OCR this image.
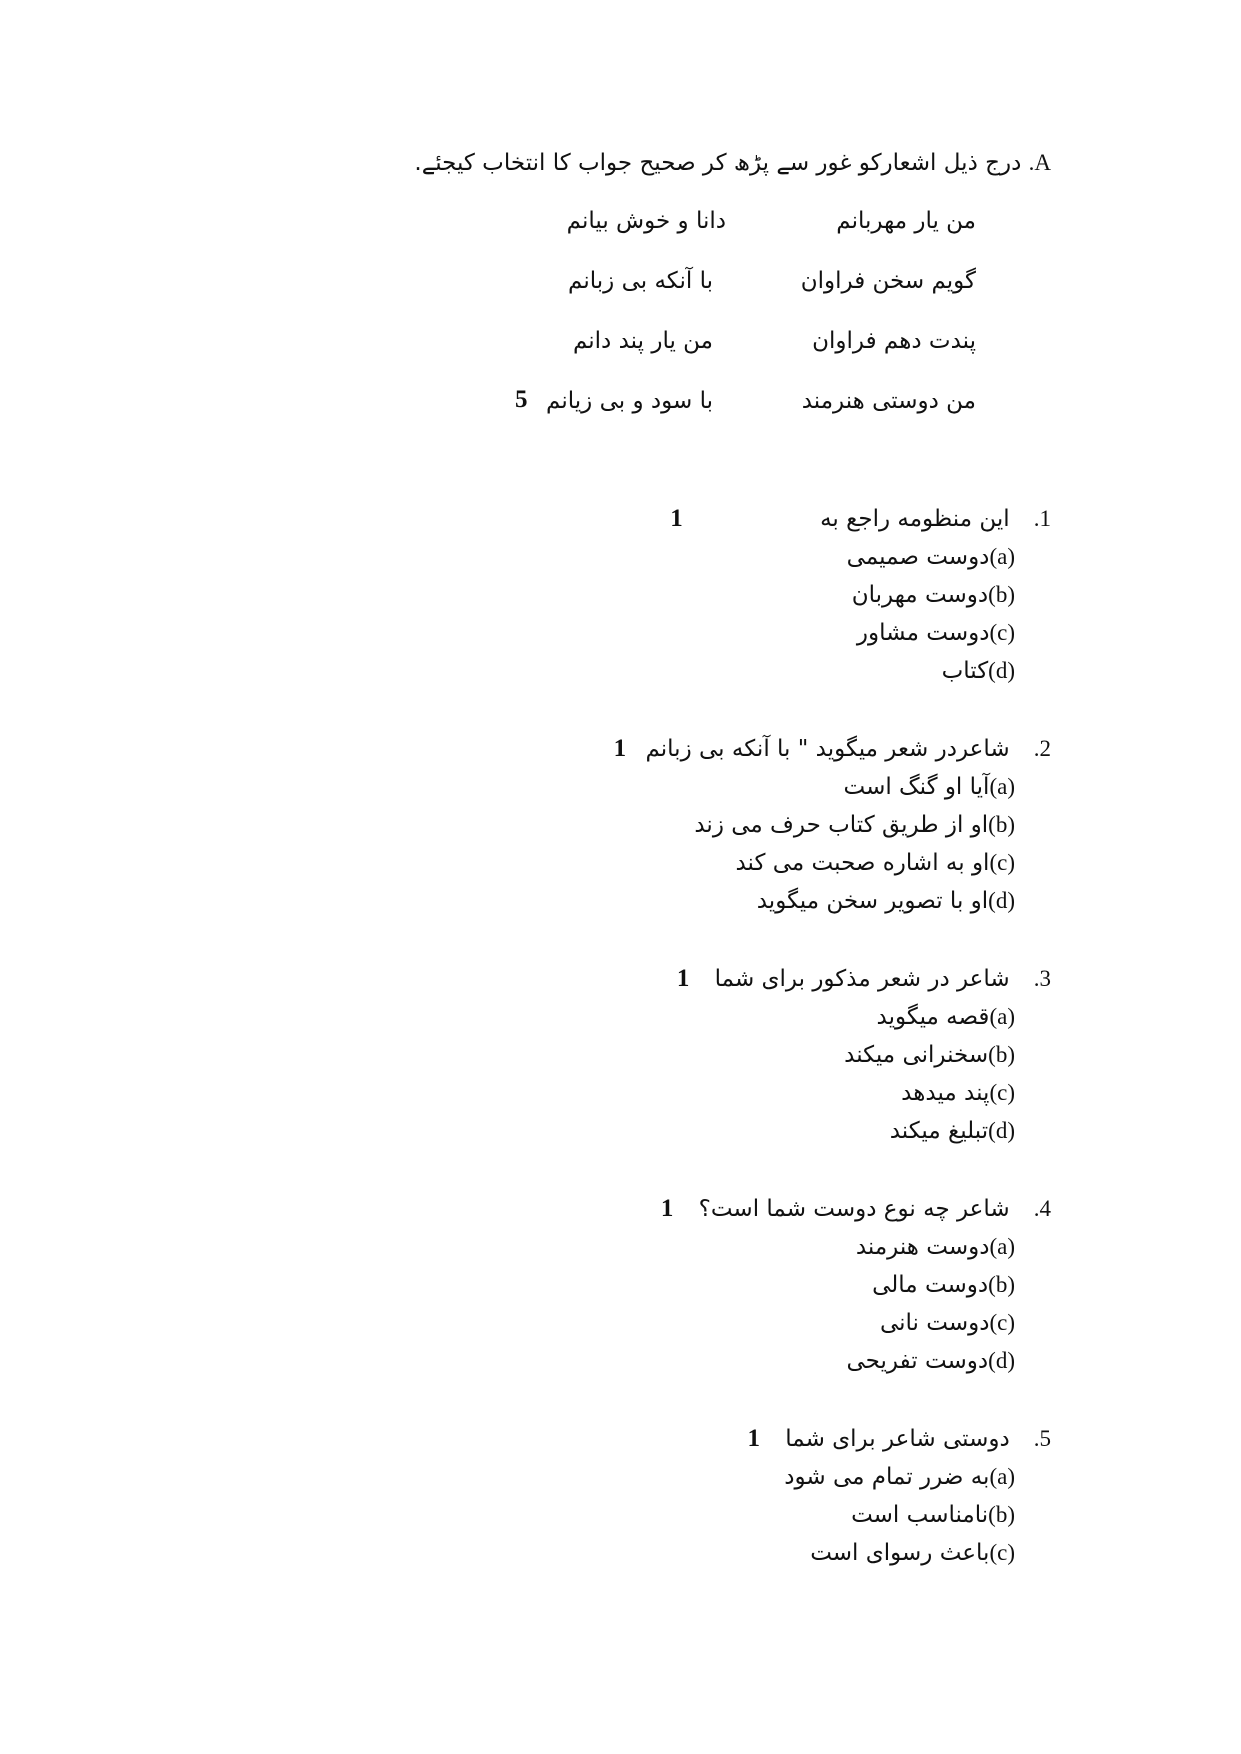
A. درج ذیل اشعارکو غور سے پڑھ کر صحیح جواب کا انتخاب کیجئے.
من یار مهربانم
دانا و خوش بیانم
گویم سخن فراوان
با آنکه بی زبانم
پندت دهم فراوان
من یار پند دانم
من دوستی هنرمند
با سود و بی زیانم
5
1. این منظومه راجع به 1
(a)دوست صمیمی
(b)دوست مهربان
(c)دوست مشاور
(d)کتاب
2. شاعردر شعر میگوید " با آنکه بی زبانم 1
(a)آیا او گنگ است
(b)او از طریق کتاب حرف می زند
(c)او به اشاره صحبت می کند
(d)او با تصویر سخن میگوید
3. شاعر در شعر مذکور برای شما 1
(a)قصه میگوید
(b)سخنرانی میکند
(c)پند میدهد
(d)تبلیغ میکند
4. شاعر چه نوع دوست شما است؟ 1
(a)دوست هنرمند
(b)دوست مالی
(c)دوست نانی
(d)دوست تفریحی
5. دوستی شاعر برای شما 1
(a)به ضرر تمام می شود
(b)نامناسب است
(c)باعث رسوای است
